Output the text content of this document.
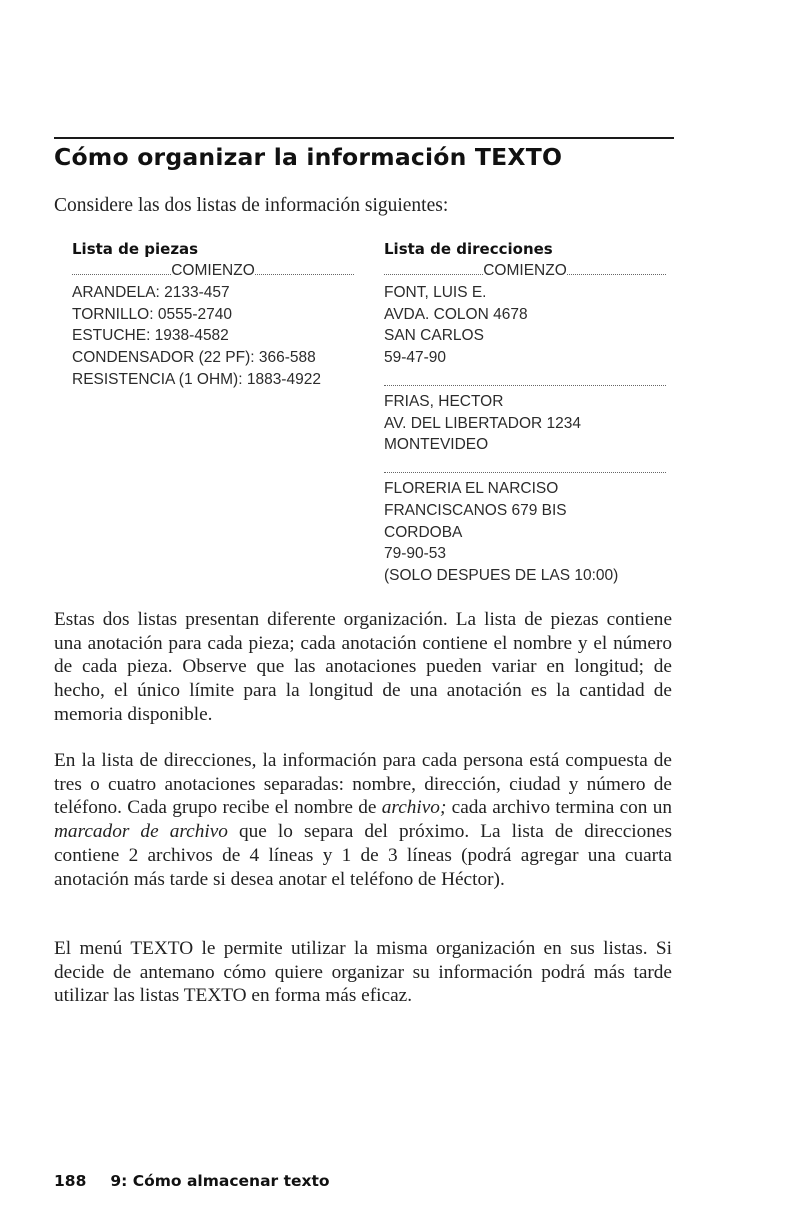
Cómo organizar la información TEXTO

Considere las dos listas de información siguientes:

Lista de piezas
COMIENZO
ARANDELA: 2133-457
TORNILLO: 0555-2740
ESTUCHE: 1938-4582
CONDENSADOR (22 PF): 366-588
RESISTENCIA (1 OHM): 1883-4922
Lista de direcciones
COMIENZO
FONT, LUIS E.
AVDA. COLON 4678
SAN CARLOS
59-47-90
FRIAS, HECTOR
AV. DEL LIBERTADOR 1234
MONTEVIDEO
FLORERIA EL NARCISO
FRANCISCANOS 679 BIS
CORDOBA
79-90-53
(SOLO DESPUES DE LAS 10:00)

Estas dos listas presentan diferente organización. La lista de piezas contiene una anotación para cada pieza; cada anotación contiene el nombre y el número de cada pieza. Observe que las anotaciones pueden variar en longitud; de hecho, el único límite para la longitud de una anotación es la cantidad de memoria disponible.

En la lista de direcciones, la información para cada persona está compuesta de tres o cuatro anotaciones separadas: nombre, dirección, ciudad y número de teléfono. Cada grupo recibe el nombre de archivo; cada archivo termina con un marcador de archivo que lo separa del próximo. La lista de direcciones contiene 2 archivos de 4 líneas y 1 de 3 líneas (podrá agregar una cuarta anotación más tarde si desea anotar el teléfono de Héctor).

El menú TEXTO le permite utilizar la misma organización en sus listas. Si decide de antemano cómo quiere organizar su información podrá más tarde utilizar las listas TEXTO en forma más eficaz.

188 9: Cómo almacenar texto
